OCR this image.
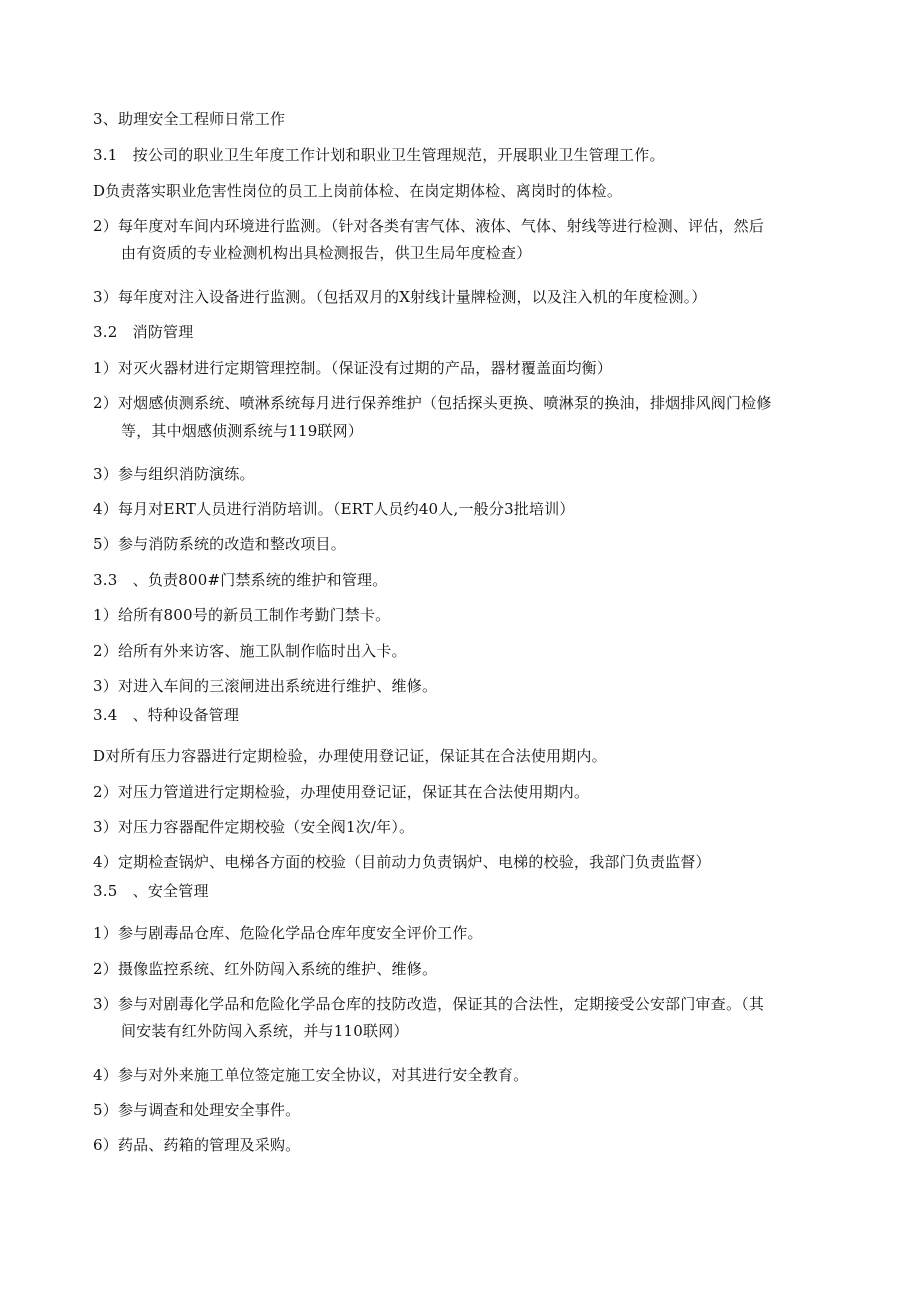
3、助理安全工程师日常工作
3.1　按公司的职业卫生年度工作计划和职业卫生管理规范，开展职业卫生管理工作。
D负责落实职业危害性岗位的员工上岗前体检、在岗定期体检、离岗时的体检。
2）每年度对车间内环境进行监测。（针对各类有害气体、液体、气体、射线等进行检测、评估，然后
由有资质的专业检测机构出具检测报告，供卫生局年度检查）
3）每年度对注入设备进行监测。（包括双月的X射线计量牌检测，以及注入机的年度检测。）
3.2　消防管理
1）对灭火器材进行定期管理控制。（保证没有过期的产品，器材覆盖面均衡）
2）对烟感侦测系统、喷淋系统每月进行保养维护（包括探头更换、喷淋泵的换油，排烟排风阀门检修
等，其中烟感侦测系统与119联网）
3）参与组织消防演练。
4）每月对ERT人员进行消防培训。（ERT人员约40人,一般分3批培训）
5）参与消防系统的改造和整改项目。
3.3　、负责800#门禁系统的维护和管理。
1）给所有800号的新员工制作考勤门禁卡。
2）给所有外来访客、施工队制作临时出入卡。
3）对进入车间的三滚闸进出系统进行维护、维修。
3.4　、特种设备管理
D对所有压力容器进行定期检验，办理使用登记证，保证其在合法使用期内。
2）对压力管道进行定期检验，办理使用登记证，保证其在合法使用期内。
3）对压力容器配件定期校验（安全阀1次/年）。
4）定期检查锅炉、电梯各方面的校验（目前动力负责锅炉、电梯的校验，我部门负责监督）
3.5　、安全管理
1）参与剧毒品仓库、危险化学品仓库年度安全评价工作。
2）摄像监控系统、红外防闯入系统的维护、维修。
3）参与对剧毒化学品和危险化学品仓库的技防改造，保证其的合法性，定期接受公安部门审查。（其
间安装有红外防闯入系统，并与110联网）
4）参与对外来施工单位签定施工安全协议，对其进行安全教育。
5）参与调查和处理安全事件。
6）药品、药箱的管理及采购。
